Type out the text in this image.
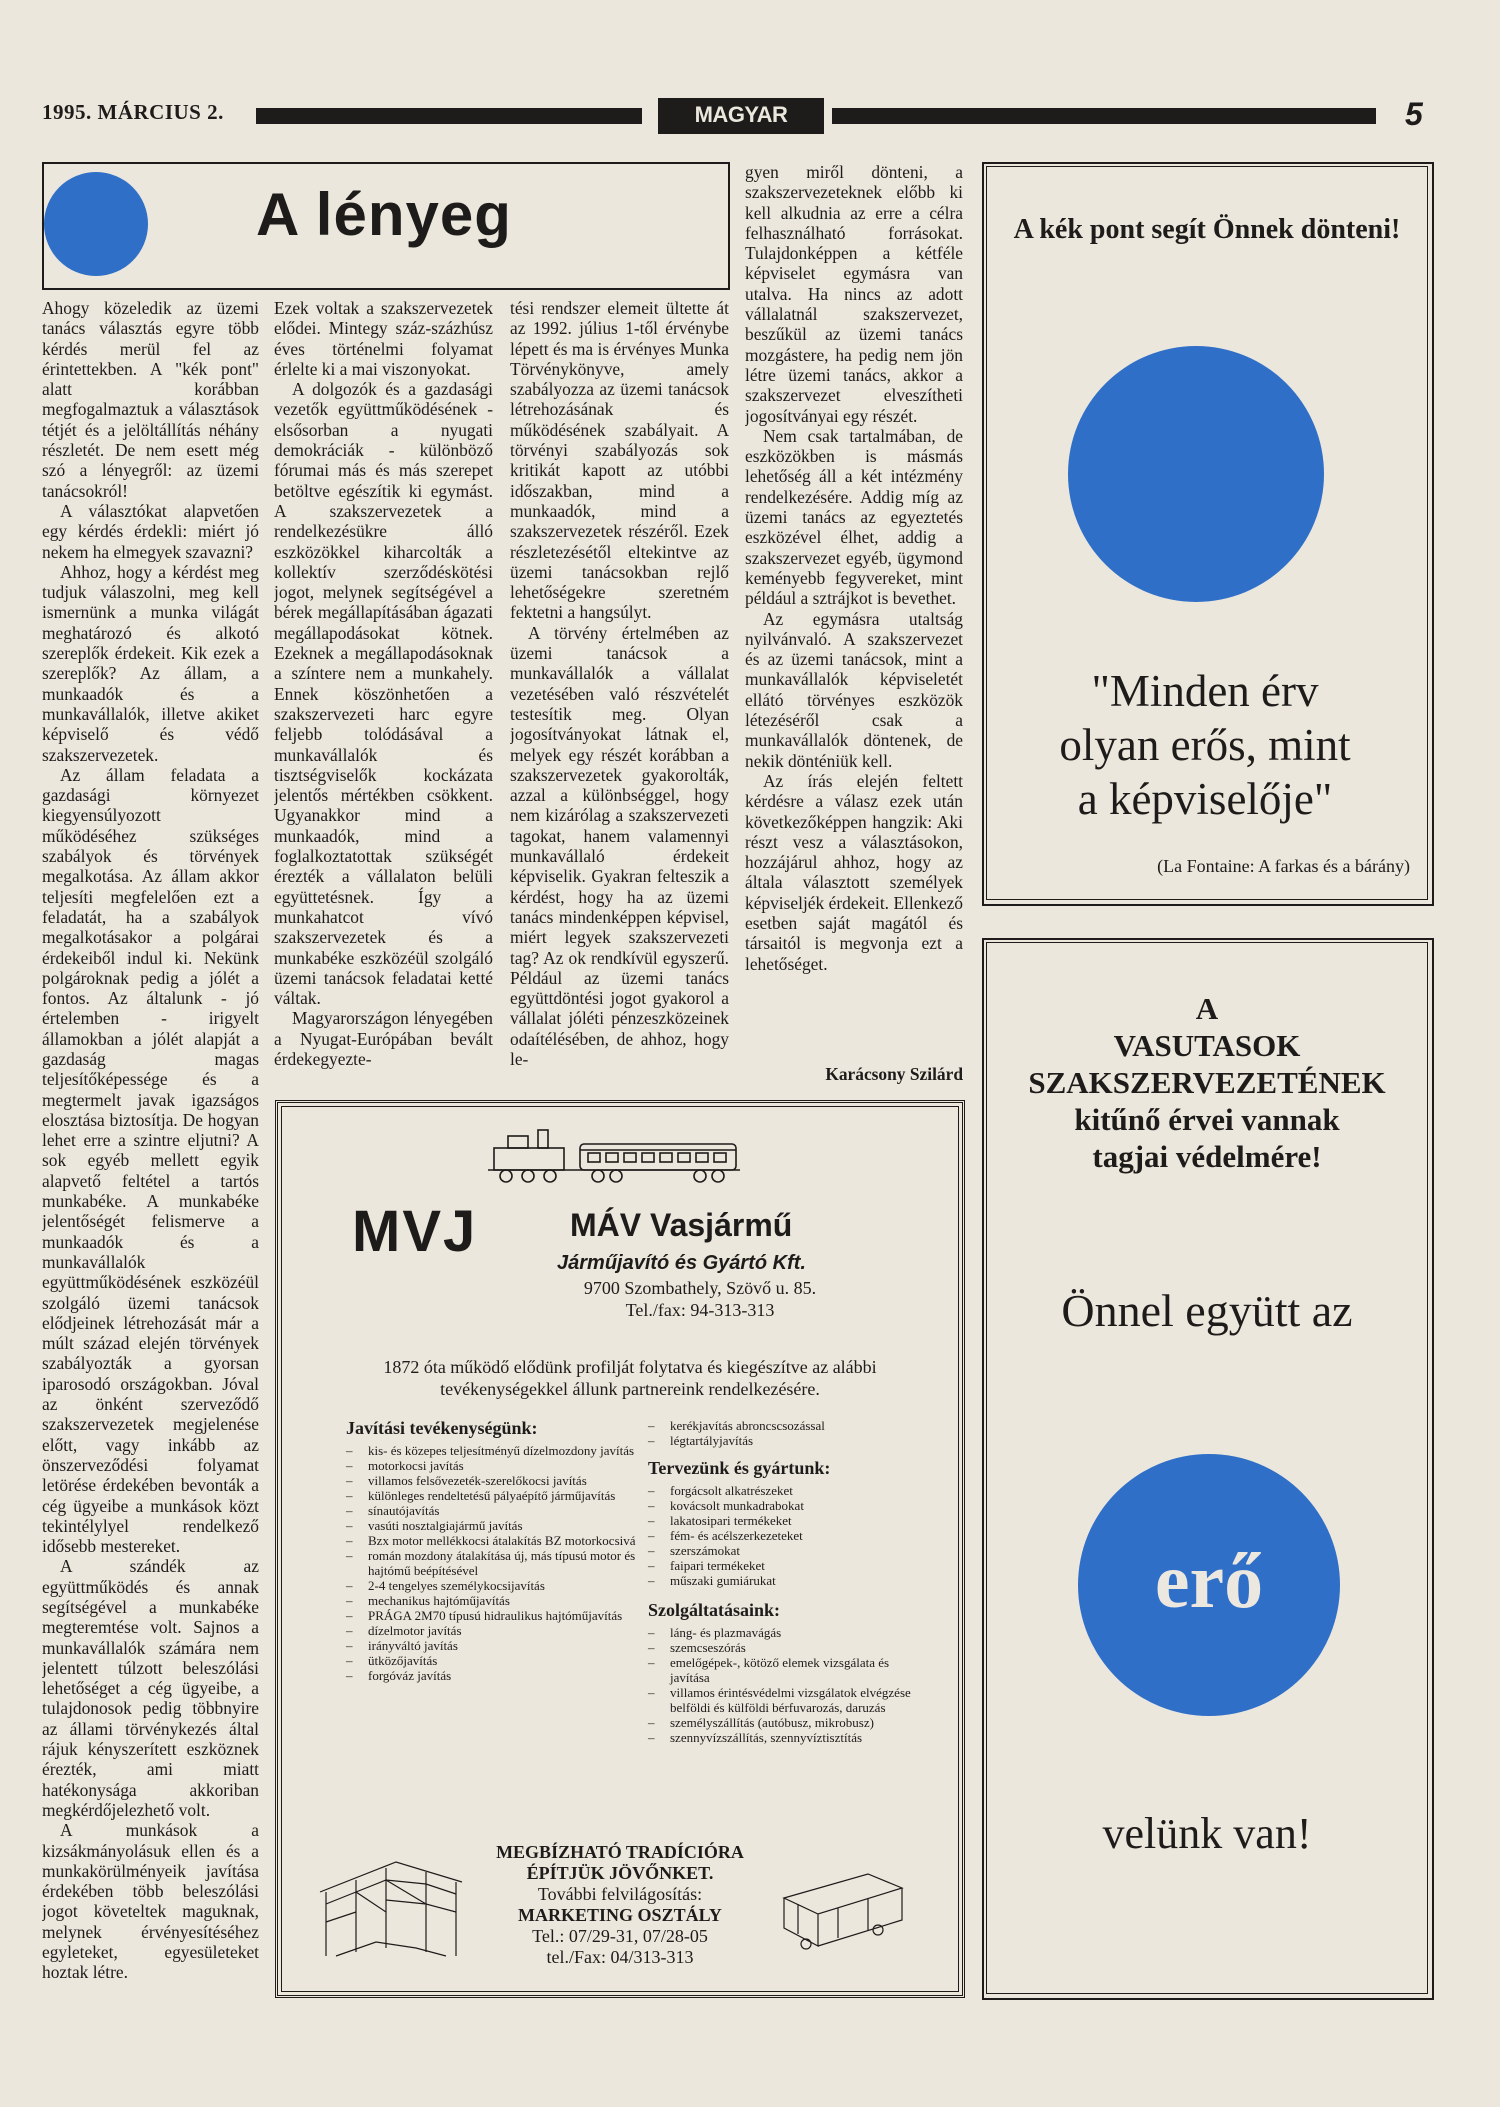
1995. MÁRCIUS 2.	MAGYAR VASUTAS
5
A lényeg

Ahogy közeledik az üzemi tanács választás egyre több kérdés merül fel az érintettekben. A "kék pont" alatt korábban megfogalmaztuk a választások tétjét és a jelöltállítás néhány részletét. De nem esett még szó a lényegről: az üzemi tanácsokról!

A választókat alapvetően egy kérdés érdekli: miért jó nekem ha elmegyek szavazni?

Ahhoz, hogy a kérdést meg tudjuk válaszolni, meg kell ismernünk a munka világát meghatározó és alkotó szereplők érdekeit. Kik ezek a szereplők? Az állam, a munkaadók és a munkavállalók, illetve akiket képviselő és védő szakszervezetek.

Az állam feladata a gazdasági környezet kiegyensúlyozott működéséhez szükséges szabályok és törvények megalkotása. Az állam akkor teljesíti megfelelően ezt a feladatát, ha a szabályok megalkotásakor a polgárai érdekeiből indul ki. Nekünk polgároknak pedig a jólét a fontos. Az általunk - jó értelemben - irigyelt államokban a jólét alapját a gazdaság magas teljesítőképessége és a megtermelt javak igazságos elosztása biztosítja. De hogyan lehet erre a szintre eljutni? A sok egyéb mellett egyik alapvető feltétel a tartós munkabéke. A munkabéke jelentőségét felismerve a munkaadók és a munkavállalók együttműködésének eszközéül szolgáló üzemi tanácsok elődjeinek létrehozását már a múlt század elején törvények szabályozták a gyorsan iparosodó országokban. Jóval az önként szerveződő szakszervezetek megjelenése előtt, vagy inkább az önszerveződési folyamat letörése érdekében bevonták a cég ügyeibe a munkások közt tekintélylyel rendelkező idősebb mestereket.

A szándék az együttműködés és annak segítségével a munkabéke megteremtése volt. Sajnos a munkavállalók számára nem jelentett túlzott beleszólási lehetőséget a cég ügyeibe, a tulajdonosok pedig többnyire az állami törvénykezés által rájuk kényszerített eszköznek érezték, ami miatt hatékonysága akkoriban megkérdőjelezhető volt.

A munkások a kizsákmányolásuk ellen és a munkakörülményeik javítása érdekében több beleszólási jogot követeltek maguknak, melynek érvényesítéséhez egyleteket, egyesületeket hoztak létre.

Ezek voltak a szakszervezetek elődei. Mintegy száz-százhúsz éves történelmi folyamat érlelte ki a mai viszonyokat.

A dolgozók és a gazdasági vezetők együttműködésének - elsősorban a nyugati demokráciák - különböző fórumai más és más szerepet betöltve egészítik ki egymást. A szakszervezetek a rendelkezésükre álló eszközökkel kiharcolták a kollektív szerződéskötési jogot, melynek segítségével a bérek megállapításában ágazati megállapodásokat kötnek. Ezeknek a megállapodásoknak a színtere nem a munkahely. Ennek köszönhetően a szakszervezeti harc egyre feljebb tolódásával a munkavállalók és tisztségviselők kockázata jelentős mértékben csökkent. Ugyanakkor mind a munkaadók, mind a foglalkoztatottak szükségét érezték a vállalaton belüli együttetésnek. Így a munkahatcot vívó szakszervezetek és a munkabéke eszközéül szolgáló üzemi tanácsok feladatai ketté váltak.

Magyarországon lényegében a Nyugat-Európában bevált érdekegyezte-

tési rendszer elemeit ültette át az 1992. július 1-től érvénybe lépett és ma is érvényes Munka Törvénykönyve, amely szabályozza az üzemi tanácsok létrehozásának és működésének szabályait. A törvényi szabályozás sok kritikát kapott az utóbbi időszakban, mind a munkaadók, mind a szakszervezetek részéről. Ezek részletezésétől eltekintve az üzemi tanácsokban rejlő lehetőségekre szeretném fektetni a hangsúlyt.

A törvény értelmében az üzemi tanácsok a munkavállalók a vállalat vezetésében való részvételét testesítik meg. Olyan jogosítványokat látnak el, melyek egy részét korábban a szakszervezetek gyakorolták, azzal a különbséggel, hogy nem kizárólag a szakszervezeti tagokat, hanem valamennyi munkavállaló érdekeit képviselik. Gyakran felteszik a kérdést, hogy ha az üzemi tanács mindenképpen képvisel, miért legyek szakszervezeti tag? Az ok rendkívül egyszerű. Például az üzemi tanács együttdöntési jogot gyakorol a vállalat jóléti pénzeszközeinek odaítélésében, de ahhoz, hogy le-

gyen miről dönteni, a szakszervezeteknek előbb ki kell alkudnia az erre a célra felhasználható forrásokat. Tulajdonképpen a kétféle képviselet egymásra van utalva. Ha nincs az adott vállalatnál szakszervezet, beszűkül az üzemi tanács mozgástere, ha pedig nem jön létre üzemi tanács, akkor a szakszervezet elveszítheti jogosítványai egy részét.

Nem csak tartalmában, de eszközökben is másmás lehetőség áll a két intézmény rendelkezésére. Addig míg az üzemi tanács az egyeztetés eszközével élhet, addig a szakszervezet egyéb, ügymond keményebb fegyvereket, mint például a sztrájkot is bevethet.

Az egymásra utaltság nyilvánvaló. A szakszervezet és az üzemi tanácsok, mint a munkavállalók képviseletét ellátó törvényes eszközök létezéséről csak a munkavállalók döntenek, de nekik dönténiük kell.

Az írás elején feltett kérdésre a válasz ezek után következőképpen hangzik: Aki részt vesz a választásokon, hozzájárul ahhoz, hogy az általa választott személyek képviseljék érdekeit. Ellenkező esetben saját magától és társaitól is megvonja ezt a lehetőséget.

Karácsony Szilárd
MVJ	MÁV Vasjármű
Járműjavító és Gyártó Kft.
9700 Szombathely, Szövő u. 85.
Tel./fax: 94-313-313
1872 óta működő elődünk profilját folytatva és kiegészítve az alábbi tevékenységekkel állunk partnereink rendelkezésére.
Javítási tevékenységünk:
– kis- és közepes teljesítményű dízelmozdony javítás
– motorkocsi javítás
– villamos felsővezeték-szerelőkocsi javítás
– különleges rendeltetésű pályaépítő járműjavítás
– sínautójavítás
– vasúti nosztalgiajármű javítás
– Bzx motor mellékkocsi átalakítás BZ motorkocsivá
– román mozdony átalakítása új, más típusú motor és hajtómű beépítésével
– 2-4 tengelyes személykocsijavítás
– mechanikus hajtóműjavítás
– PRÁGA 2M70 típusú hidraulikus hajtóműjavítás
– dízelmotor javítás
– irányváltó javítás
– ütközőjavítás
– forgóváz javítás
– kerékjavítás abroncscsozással
– légtartályjavítás
Tervezünk és gyártunk:
– forgácsolt alkatrészeket
– kovácsolt munkadrabokat
– lakatosipari termékeket
– fém- és acélszerkezeteket
– szerszámokat
– faipari termékeket
– műszaki gumiárukat
Szolgáltatásaink:
– láng- és plazmavágás
– szemcseszórás
– emelőgépek-, kötöző elemek vizsgálata és javítása
– villamos érintésvédelmi vizsgálatok elvégzése belföldi és külföldi bérfuvarozás, daruzás
– személyszállítás (autóbusz, mikrobusz)
– szennyvízszállítás, szennyvíztisztítás
MEGBÍZHATÓ TRADÍCIÓRA ÉPÍTJÜK JÖVŐNKET.
További felvilágosítás:
MARKETING OSZTÁLY
Tel.: 07/29-31, 07/28-05
tel./Fax: 04/313-313
A kék pont segít Önnek dönteni!
"Minden érv
olyan erős, mint
a képviselője"
(La Fontaine: A farkas és a bárány)
A
VASUTASOK
SZAKSZERVEZETÉNEK
kitűnő érvei vannak
tagjai védelmére!
Önnel együtt az
erő
velünk van!
